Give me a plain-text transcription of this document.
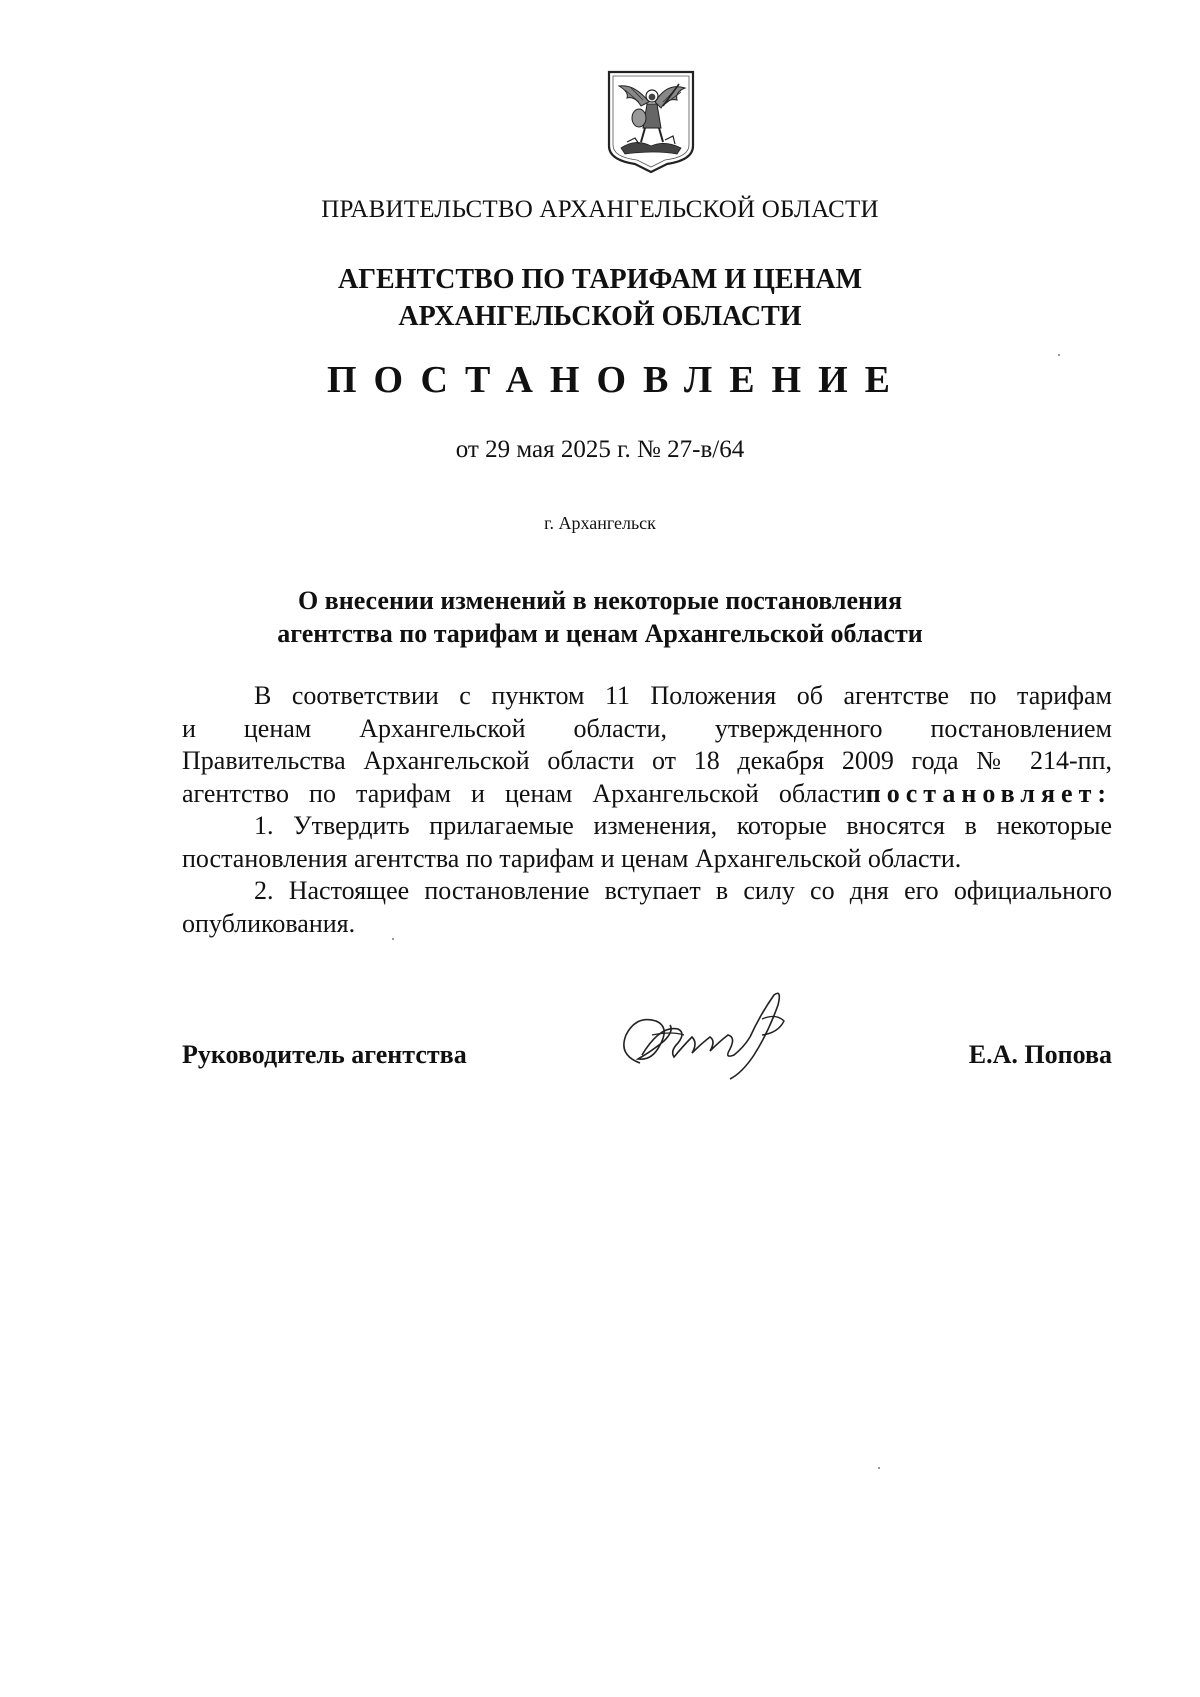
ПРАВИТЕЛЬСТВО АРХАНГЕЛЬСКОЙ ОБЛАСТИ
АГЕНТСТВО ПО ТАРИФАМ И ЦЕНАМ
АРХАНГЕЛЬСКОЙ ОБЛАСТИ
ПОСТАНОВЛЕНИЕ
от 29 мая 2025 г. № 27-в/64
г. Архангельск
О внесении изменений в некоторые постановления
агентства по тарифам и ценам Архангельской области
В соответствии с пунктом 11 Положения об агентстве по тарифам
и ценам Архангельской области, утвержденного постановлением
Правительства Архангельской области от 18 декабря 2009 года № 214-пп,
агентство по тарифам и ценам Архангельской областипостановляет:
1. Утвердить прилагаемые изменения, которые вносятся в некоторые
постановления агентства по тарифам и ценам Архангельской области.
2. Настоящее постановление вступает в силу со дня его официального
опубликования.
Руководитель агентства	Е.А. Попова
